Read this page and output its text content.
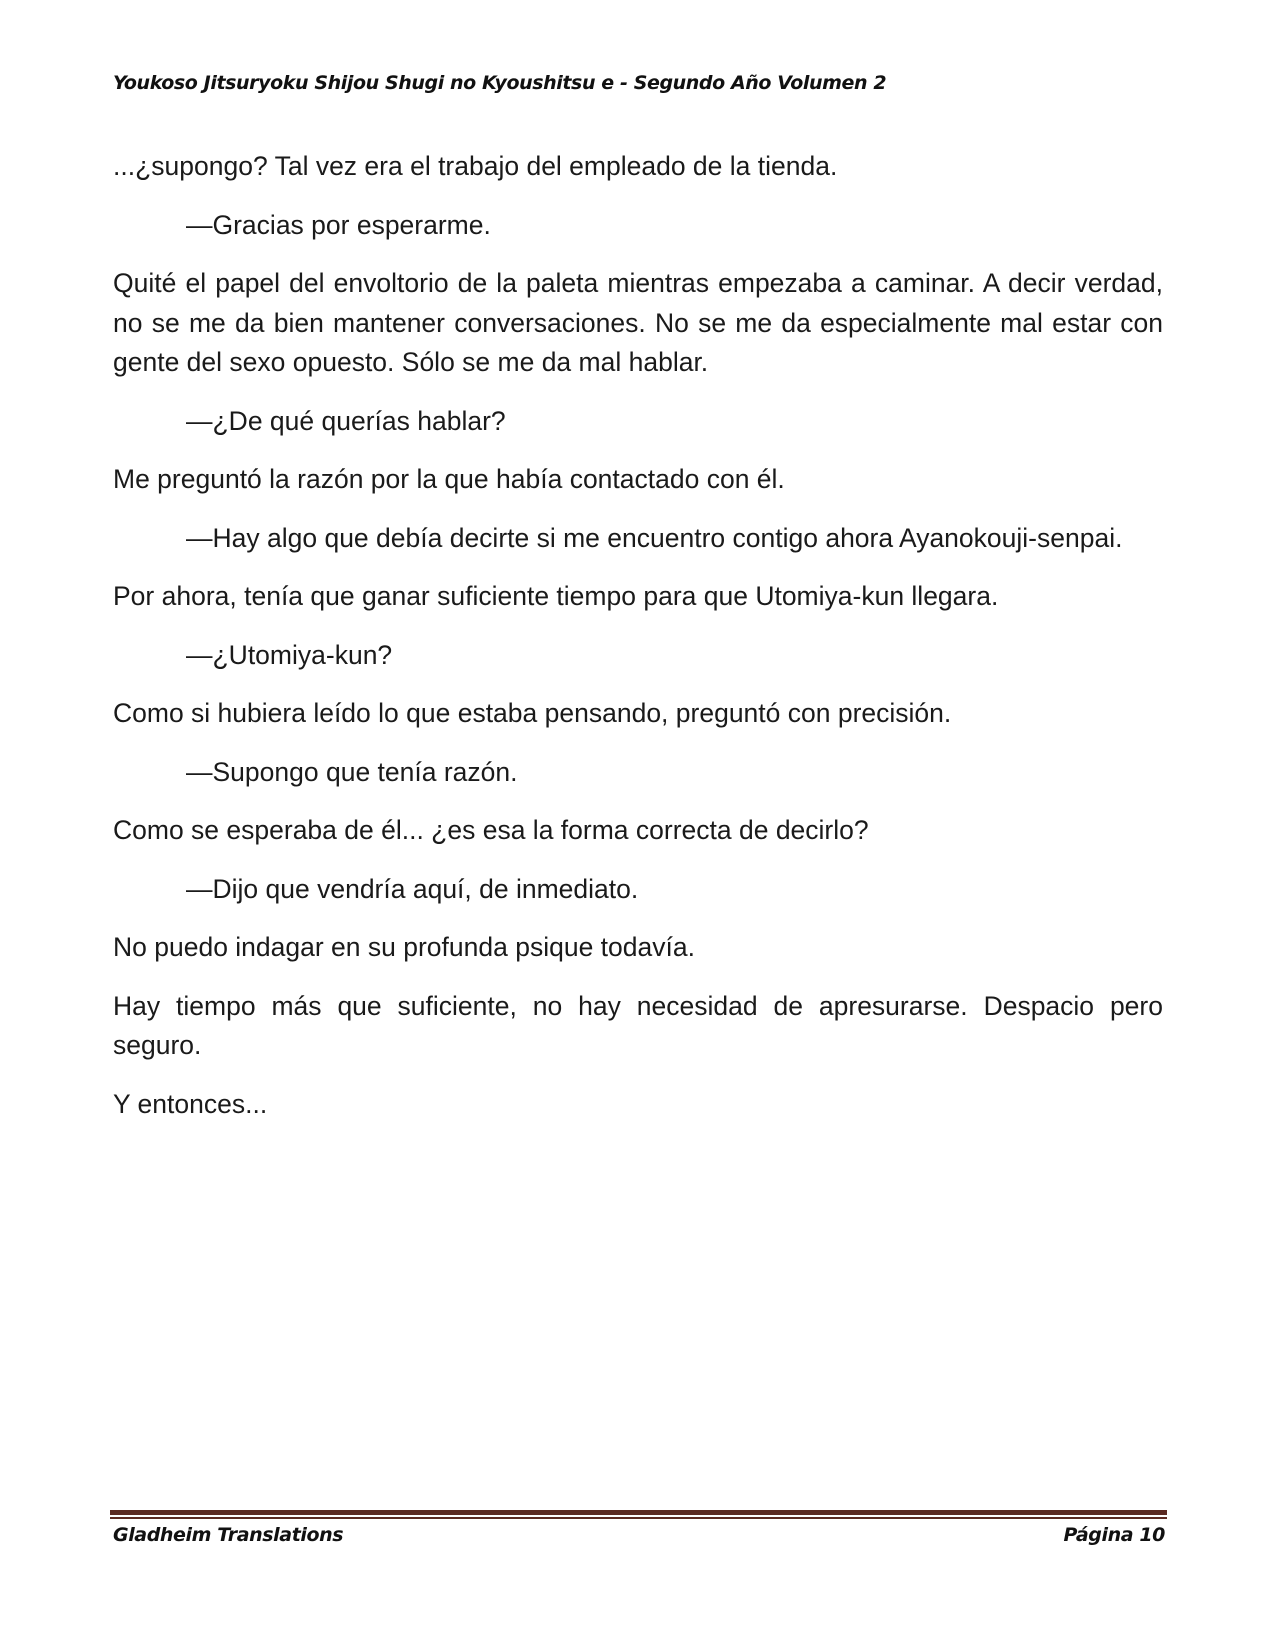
Youkoso Jitsuryoku Shijou Shugi no Kyoushitsu e - Segundo Año Volumen 2

...¿supongo? Tal vez era el trabajo del empleado de la tienda.

—Gracias por esperarme.

Quité el papel del envoltorio de la paleta mientras empezaba a caminar. A decir verdad, no se me da bien mantener conversaciones. No se me da especialmente mal estar con gente del sexo opuesto. Sólo se me da mal hablar.

—¿De qué querías hablar?

Me preguntó la razón por la que había contactado con él.

—Hay algo que debía decirte si me encuentro contigo ahora Ayanokouji-senpai.

Por ahora, tenía que ganar suficiente tiempo para que Utomiya-kun llegara.

—¿Utomiya-kun?

Como si hubiera leído lo que estaba pensando, preguntó con precisión.

—Supongo que tenía razón.

Como se esperaba de él... ¿es esa la forma correcta de decirlo?

—Dijo que vendría aquí, de inmediato.

No puedo indagar en su profunda psique todavía.

Hay tiempo más que suficiente, no hay necesidad de apresurarse. Despacio pero seguro.

Y entonces...

Gladheim Translations	Página 10
